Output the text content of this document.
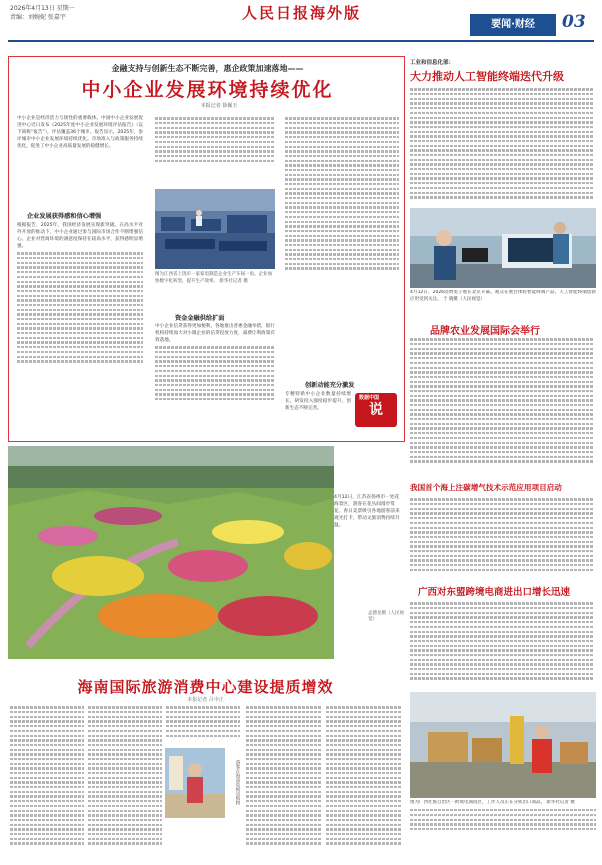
2026年4月13日 星期一
责编：刘婉妮 张嘉宇	人民日报海外版
要闻·财经	03
金融支持与创新生态不断完善，惠企政策加速落地——
中小企业发展环境持续优化
本报记者 徐佩玉
中小企业是经济活力与韧性的重要载体。中国中小企业发展促进中心近日发布《2025年度中小企业发展环境评估报告》（以下简称“报告”），评估覆盖36个城市。报告显示，2025年，参评城市中小企业发展环境持续优化。市场准入与政策服务持续优化，促进了中小企业高质量发展的稳健增长。
企业发展获得感和信心增强
根据报告，2025年，我国经济发展实现新突破。在高水平对外开放的推动下，中小企业通过参与国际市场合作不断增强信心。企业对营商环境的满意度保持在较高水平，获得感明显增强。
图为江西省上饶市一家家电制造企业生产车间一角。企业加快数字化转型，提升生产效率。 新华社记者 摄
资金金融供给扩面
中小企业信贷获得更加便利。各地推出普惠金融举措，银行机构持续加大对小微企业的信贷投放力度，减费让利政策有效落地。
创新动能充分激发
专精特新中小企业数量持续增长，研发投入强度稳步提升，创新生态不断完善。
数据中国
说
工业和信息化部：
大力推动人工智能终端迭代升级
4月12日，2026消费电子展在北京开幕。观众在展台体验智能终端产品，人工智能终端创新应用受到关注。 于 晓摄（人民视觉）
品牌农业发展国际会举行
我国首个海上注碳增气技术示范应用项目启动
广西对东盟跨境电商进出口增长迅速
图为广西壮族自治区一跨境电商园区，工作人员正在分拣出口商品。 新华社记者 摄
4月12日，江苏省扬州市一处花海景区，游客在花丛间漫步赏花。春日美景吸引各地游客前来观光打卡，带动文旅消费持续升温。
孟德龙摄（人民视觉）
海南国际旅游消费中心建设提质增效
本报记者 吕中正
游客在海南免税店购物
